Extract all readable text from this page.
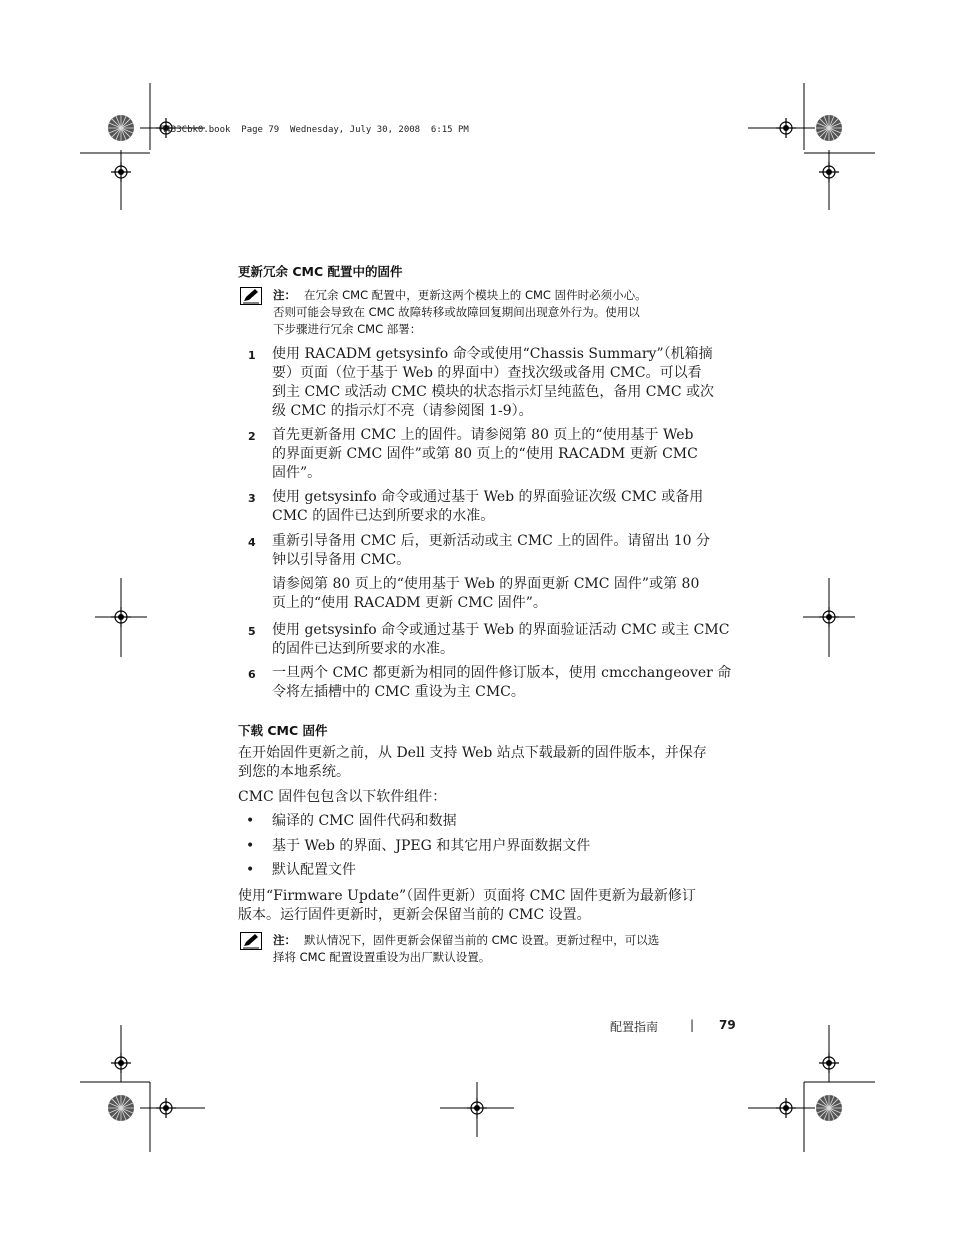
R433Cbk0.book  Page 79  Wednesday, July 30, 2008  6:15 PM
更新冗余 CMC 配置中的固件
注： 在冗余 CMC 配置中，更新这两个模块上的 CMC 固件时必须小心。
否则可能会导致在 CMC 故障转移或故障回复期间出现意外行为。使用以
下步骤进行冗余 CMC 部署：
1	使用 RACADM getsysinfo 命令或使用“Chassis Summary”（机箱摘
要）页面（位于基于 Web 的界面中）查找次级或备用 CMC。可以看
到主 CMC 或活动 CMC 模块的状态指示灯呈纯蓝色，备用 CMC 或次
级 CMC 的指示灯不亮（请参阅图 1-9）。
2	首先更新备用 CMC 上的固件。请参阅第 80 页上的“使用基于 Web
的界面更新 CMC 固件”或第 80 页上的“使用 RACADM 更新 CMC
固件”。
3	使用 getsysinfo 命令或通过基于 Web 的界面验证次级 CMC 或备用
CMC 的固件已达到所要求的水准。
4	重新引导备用 CMC 后，更新活动或主 CMC 上的固件。请留出 10 分
钟以引导备用 CMC。
请参阅第 80 页上的“使用基于 Web 的界面更新 CMC 固件”或第 80
页上的“使用 RACADM 更新 CMC 固件”。
5	使用 getsysinfo 命令或通过基于 Web 的界面验证活动 CMC 或主 CMC
的固件已达到所要求的水准。
6	一旦两个 CMC 都更新为相同的固件修订版本，使用 cmcchangeover 命
令将左插槽中的 CMC 重设为主 CMC。
下载 CMC 固件
在开始固件更新之前，从 Dell 支持 Web 站点下载最新的固件版本，并保存
到您的本地系统。
CMC 固件包包含以下软件组件：
• 编译的 CMC 固件代码和数据
• 基于 Web 的界面、JPEG 和其它用户界面数据文件
• 默认配置文件
使用“Firmware Update”（固件更新）页面将 CMC 固件更新为最新修订
版本。运行固件更新时，更新会保留当前的 CMC 设置。
注： 默认情况下，固件更新会保留当前的 CMC 设置。更新过程中，可以选
择将 CMC 配置设置重设为出厂默认设置。
配置指南	| 79
